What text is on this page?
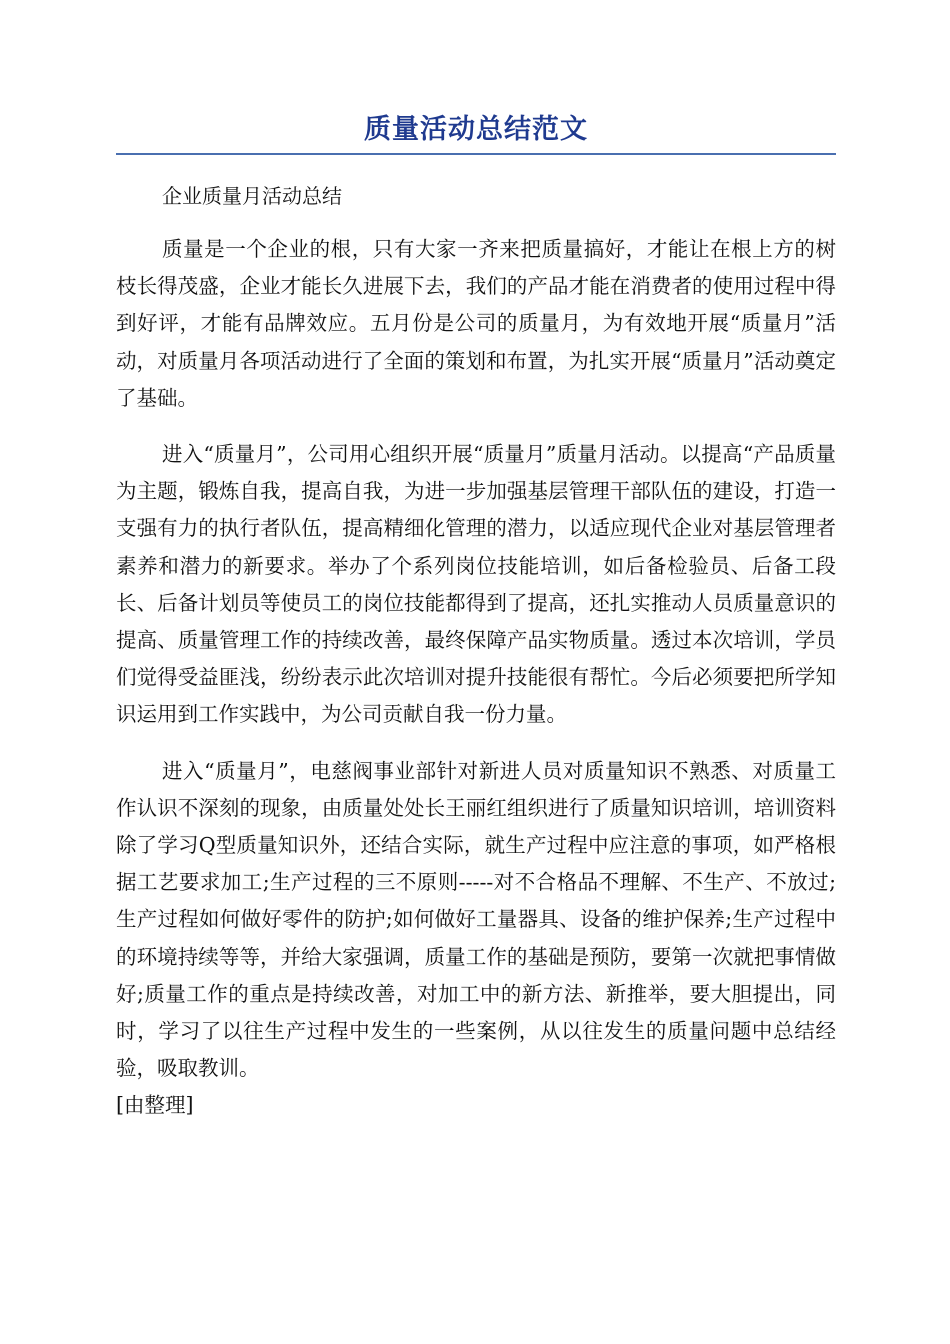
质量活动总结范文

企业质量月活动总结

质量是一个企业的根，只有大家一齐来把质量搞好，才能让在根上方的树枝长得茂盛，企业才能长久进展下去，我们的产品才能在消费者的使用过程中得到好评，才能有品牌效应。五月份是公司的质量月，为有效地开展“质量月”活动，对质量月各项活动进行了全面的策划和布置，为扎实开展“质量月”活动奠定了基础。

进入“质量月”，公司用心组织开展“质量月”质量月活动。以提高“产品质量为主题，锻炼自我，提高自我，为进一步加强基层管理干部队伍的建设，打造一支强有力的执行者队伍，提高精细化管理的潜力，以适应现代企业对基层管理者素养和潜力的新要求。举办了个系列岗位技能培训，如后备检验员、后备工段长、后备计划员等使员工的岗位技能都得到了提高，还扎实推动人员质量意识的提高、质量管理工作的持续改善，最终保障产品实物质量。透过本次培训，学员们觉得受益匪浅，纷纷表示此次培训对提升技能很有帮忙。今后必须要把所学知识运用到工作实践中，为公司贡献自我一份力量。

进入“质量月”，电慈阀事业部针对新进人员对质量知识不熟悉、对质量工作认识不深刻的现象，由质量处处长王丽红组织进行了质量知识培训，培训资料除了学习Q型质量知识外，还结合实际，就生产过程中应注意的事项，如严格根据工艺要求加工;生产过程的三不原则-----对不合格品不理解、不生产、不放过;生产过程如何做好零件的防护;如何做好工量器具、设备的维护保养;生产过程中的环境持续等等，并给大家强调，质量工作的基础是预防，要第一次就把事情做好;质量工作的重点是持续改善，对加工中的新方法、新推举，要大胆提出，同时，学习了以往生产过程中发生的一些案例，从以往发生的质量问题中总结经验，吸取教训。

[由整理]
